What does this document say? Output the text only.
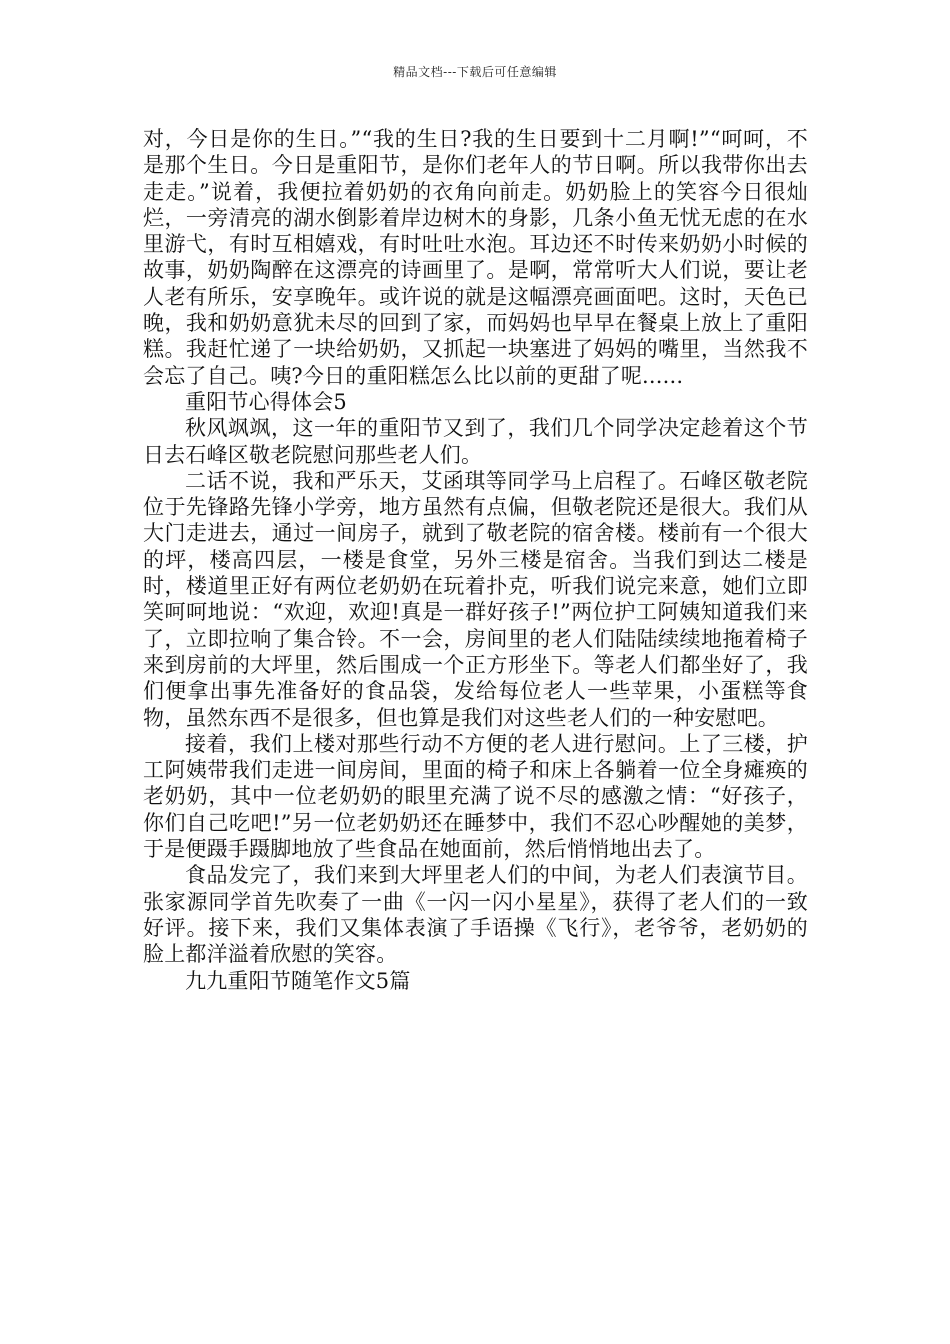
精品文档---下载后可任意编辑

对，今日是你的生日。”“我的生日?我的生日要到十二月啊!”“呵呵，不是那个生日。今日是重阳节，是你们老年人的节日啊。所以我带你出去走走。”说着，我便拉着奶奶的衣角向前走。奶奶脸上的笑容今日很灿烂，一旁清亮的湖水倒影着岸边树木的身影，几条小鱼无忧无虑的在水里游弋，有时互相嬉戏，有时吐吐水泡。耳边还不时传来奶奶小时候的故事，奶奶陶醉在这漂亮的诗画里了。是啊，常常听大人们说，要让老人老有所乐，安享晚年。或许说的就是这幅漂亮画面吧。这时，天色已晚，我和奶奶意犹未尽的回到了家，而妈妈也早早在餐桌上放上了重阳糕。我赶忙递了一块给奶奶，又抓起一块塞进了妈妈的嘴里，当然我不会忘了自己。咦?今日的重阳糕怎么比以前的更甜了呢......

重阳节心得体会5

秋风飒飒，这一年的重阳节又到了，我们几个同学决定趁着这个节日去石峰区敬老院慰问那些老人们。

二话不说，我和严乐天，艾函琪等同学马上启程了。石峰区敬老院位于先锋路先锋小学旁，地方虽然有点偏，但敬老院还是很大。我们从大门走进去，通过一间房子，就到了敬老院的宿舍楼。楼前有一个很大的坪，楼高四层，一楼是食堂，另外三楼是宿舍。当我们到达二楼是时，楼道里正好有两位老奶奶在玩着扑克，听我们说完来意，她们立即笑呵呵地说：“欢迎，欢迎!真是一群好孩子!”两位护工阿姨知道我们来了，立即拉响了集合铃。不一会，房间里的老人们陆陆续续地拖着椅子来到房前的大坪里，然后围成一个正方形坐下。等老人们都坐好了，我们便拿出事先准备好的食品袋，发给每位老人一些苹果，小蛋糕等食物，虽然东西不是很多，但也算是我们对这些老人们的一种安慰吧。

接着，我们上楼对那些行动不方便的老人进行慰问。上了三楼，护工阿姨带我们走进一间房间，里面的椅子和床上各躺着一位全身瘫痪的老奶奶，其中一位老奶奶的眼里充满了说不尽的感激之情：“好孩子，你们自己吃吧!”另一位老奶奶还在睡梦中，我们不忍心吵醒她的美梦，于是便蹑手蹑脚地放了些食品在她面前，然后悄悄地出去了。

食品发完了，我们来到大坪里老人们的中间，为老人们表演节目。张家源同学首先吹奏了一曲《一闪一闪小星星》，获得了老人们的一致好评。接下来，我们又集体表演了手语操《飞行》，老爷爷，老奶奶的脸上都洋溢着欣慰的笑容。

九九重阳节随笔作文5篇
